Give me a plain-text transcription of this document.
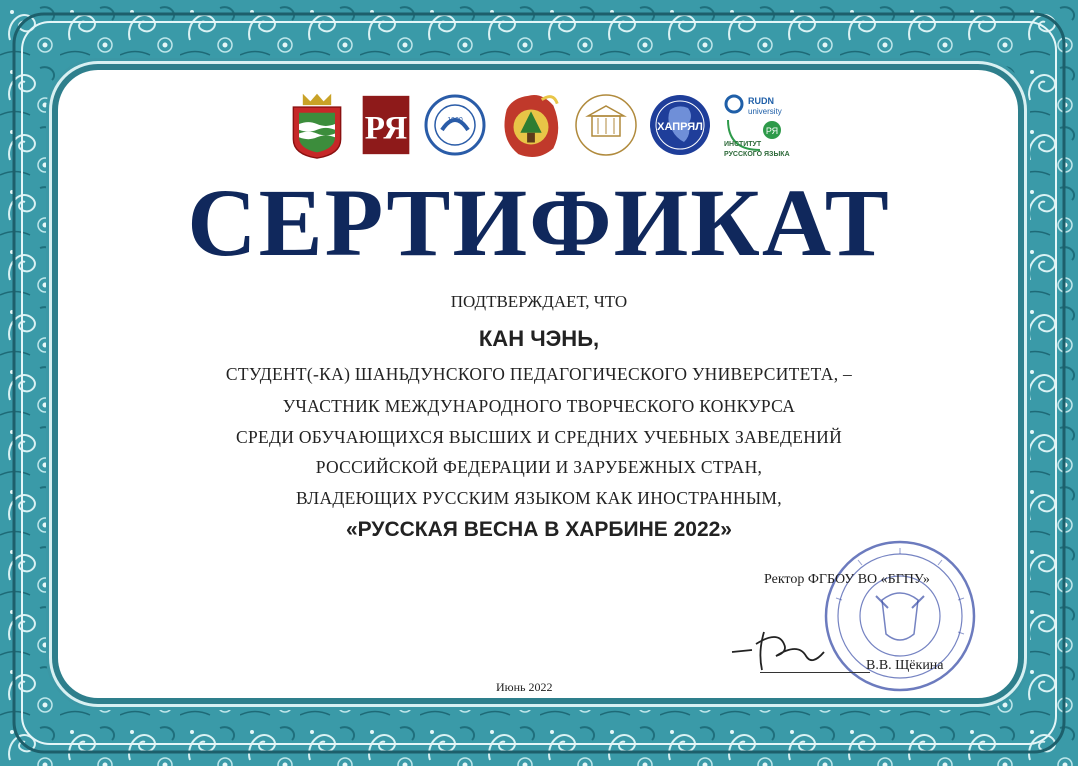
РЯ	1900
ХАПРЯЛ
RUDN
university
РЯ
ИНСТИТУТ
РУССКОГО ЯЗЫКА
СЕРТИФИКАТ
ПОДТВЕРЖДАЕТ, ЧТО
КАН ЧЭНЬ,
СТУДЕНТ(-КА) ШАНЬДУНСКОГО ПЕДАГОГИЧЕСКОГО УНИВЕРСИТЕТА, –
УЧАСТНИК МЕЖДУНАРОДНОГО ТВОРЧЕСКОГО КОНКУРСА
СРЕДИ ОБУЧАЮЩИХСЯ ВЫСШИХ И СРЕДНИХ УЧЕБНЫХ ЗАВЕДЕНИЙ
РОССИЙСКОЙ ФЕДЕРАЦИИ И ЗАРУБЕЖНЫХ СТРАН,
ВЛАДЕЮЩИХ РУССКИМ ЯЗЫКОМ КАК ИНОСТРАННЫМ,
«РУССКАЯ ВЕСНА В ХАРБИНЕ 2022»
Ректор ФГБОУ ВО «БГПУ»
В.В. Щёкина
Июнь 2022
